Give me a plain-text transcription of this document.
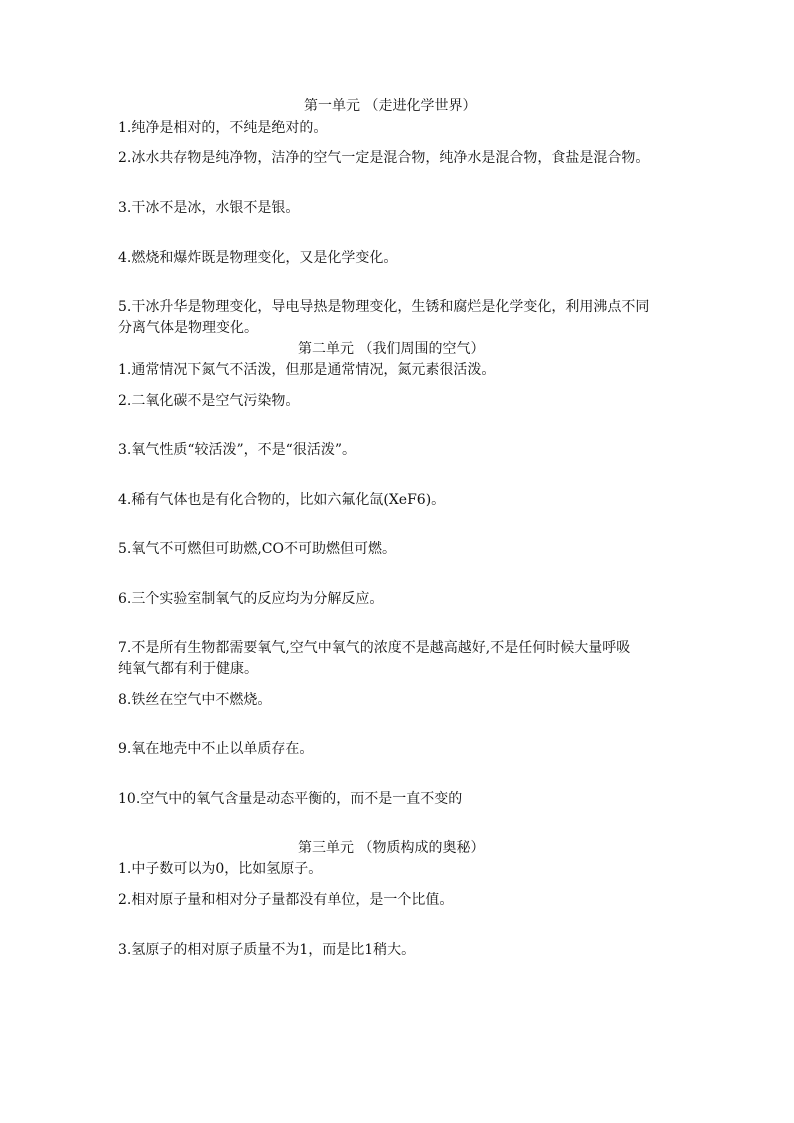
第一单元 （走进化学世界）
1.纯净是相对的，不纯是绝对的。
2.冰水共存物是纯净物，洁净的空气一定是混合物，纯净水是混合物，食盐是混合物。
3.干冰不是冰，水银不是银。
4.燃烧和爆炸既是物理变化，又是化学变化。
5.干冰升华是物理变化，导电导热是物理变化，生锈和腐烂是化学变化，利用沸点不同
分离气体是物理变化。
第二单元 （我们周围的空气）
1.通常情况下氮气不活泼，但那是通常情况，氮元素很活泼。
2.二氧化碳不是空气污染物。
3.氧气性质“较活泼”，不是“很活泼”。
4.稀有气体也是有化合物的，比如六氟化氙(XeF6)。
5.氧气不可燃但可助燃,CO不可助燃但可燃。
6.三个实验室制氧气的反应均为分解反应。
7.不是所有生物都需要氧气,空气中氧气的浓度不是越高越好,不是任何时候大量呼吸
纯氧气都有利于健康。
8.铁丝在空气中不燃烧。
9.氧在地壳中不止以单质存在。
10.空气中的氧气含量是动态平衡的，而不是一直不变的
第三单元 （物质构成的奥秘）
1.中子数可以为0，比如氢原子。
2.相对原子量和相对分子量都没有单位，是一个比值。
3.氢原子的相对原子质量不为1，而是比1稍大。
